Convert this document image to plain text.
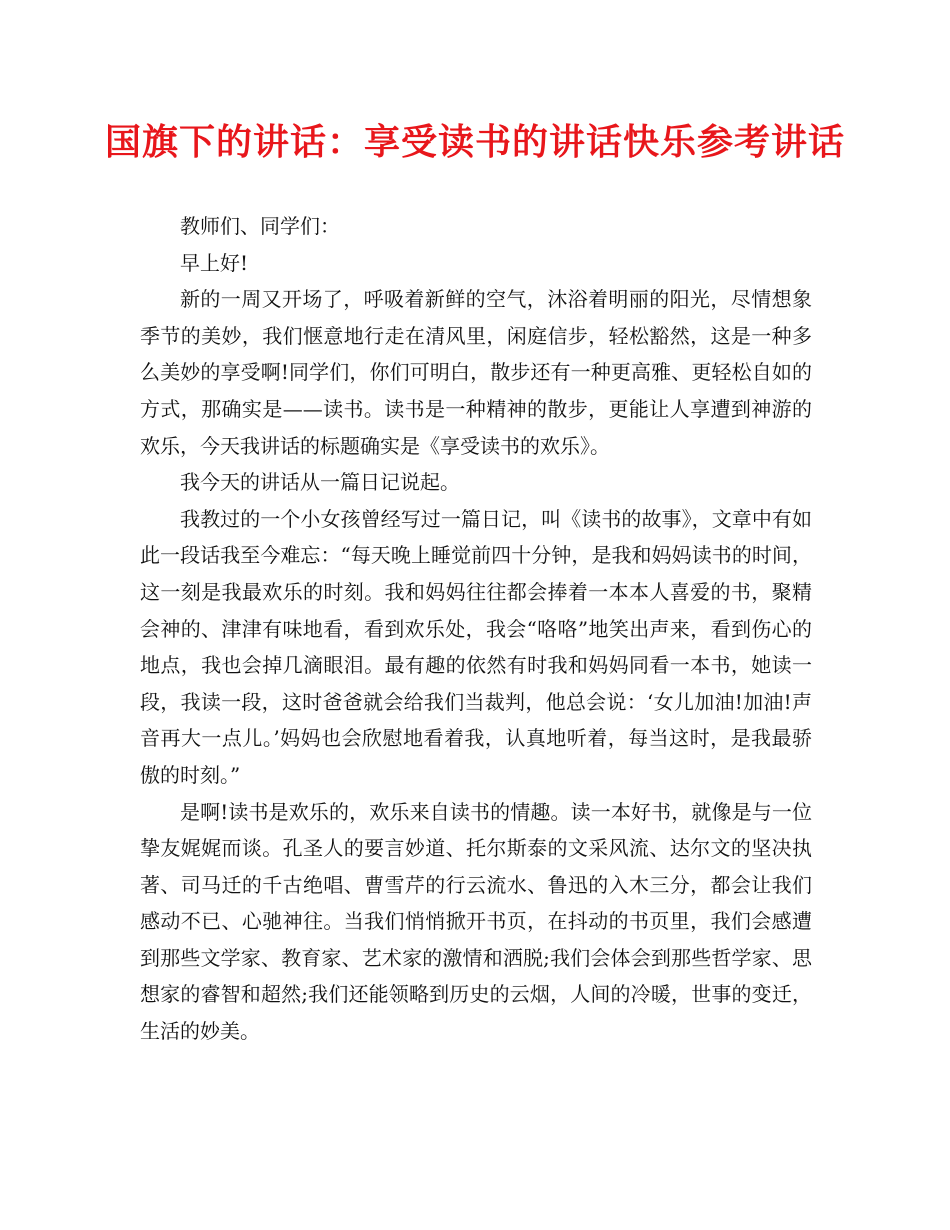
国旗下的讲话：享受读书的讲话快乐参考讲话

教师们、同学们：

早上好!

新的一周又开场了，呼吸着新鲜的空气，沐浴着明丽的阳光，尽情想象季节的美妙，我们惬意地行走在清风里，闲庭信步，轻松豁然，这是一种多么美妙的享受啊!同学们，你们可明白，散步还有一种更高雅、更轻松自如的方式，那确实是——读书。读书是一种精神的散步，更能让人享遭到神游的欢乐，今天我讲话的标题确实是《享受读书的欢乐》。

我今天的讲话从一篇日记说起。

我教过的一个小女孩曾经写过一篇日记，叫《读书的故事》，文章中有如此一段话我至今难忘：“每天晚上睡觉前四十分钟，是我和妈妈读书的时间，这一刻是我最欢乐的时刻。我和妈妈往往都会捧着一本本人喜爱的书，聚精会神的、津津有味地看，看到欢乐处，我会“咯咯”地笑出声来，看到伤心的地点，我也会掉几滴眼泪。最有趣的依然有时我和妈妈同看一本书，她读一段，我读一段，这时爸爸就会给我们当裁判，他总会说：‘女儿加油!加油!声音再大一点儿。’妈妈也会欣慰地看着我，认真地听着，每当这时，是我最骄傲的时刻。”

是啊!读书是欢乐的，欢乐来自读书的情趣。读一本好书，就像是与一位挚友娓娓而谈。孔圣人的要言妙道、托尔斯泰的文采风流、达尔文的坚决执著、司马迁的千古绝唱、曹雪芹的行云流水、鲁迅的入木三分，都会让我们感动不已、心驰神往。当我们悄悄掀开书页，在抖动的书页里，我们会感遭到那些文学家、教育家、艺术家的激情和洒脱;我们会体会到那些哲学家、思想家的睿智和超然;我们还能领略到历史的云烟，人间的冷暖，世事的变迁，生活的妙美。
